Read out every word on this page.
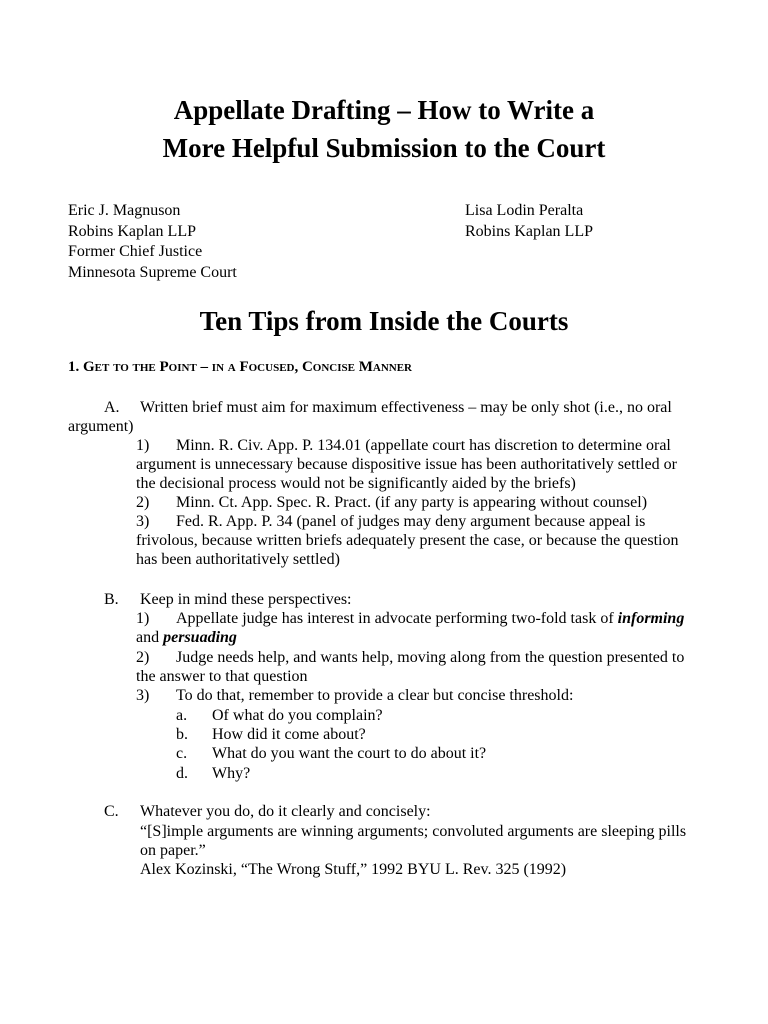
Appellate Drafting – How to Write a
More Helpful Submission to the Court
Eric J. Magnuson
Robins Kaplan LLP
Former Chief Justice
Minnesota Supreme Court
Lisa Lodin Peralta
Robins Kaplan LLP
Ten Tips from Inside the Courts
1. Get to the Point – in a Focused, Concise Manner
A. Written brief must aim for maximum effectiveness – may be only shot (i.e., no oral
argument)
1) Minn. R. Civ. App. P. 134.01 (appellate court has discretion to determine oral
argument is unnecessary because dispositive issue has been authoritatively settled or
the decisional process would not be significantly aided by the briefs)
2) Minn. Ct. App. Spec. R. Pract. (if any party is appearing without counsel)
3) Fed. R. App. P. 34 (panel of judges may deny argument because appeal is
frivolous, because written briefs adequately present the case, or because the question
has been authoritatively settled)
B. Keep in mind these perspectives:
1) Appellate judge has interest in advocate performing two-fold task of informing
and persuading
2) Judge needs help, and wants help, moving along from the question presented to
the answer to that question
3) To do that, remember to provide a clear but concise threshold:
a. Of what do you complain?
b. How did it come about?
c. What do you want the court to do about it?
d. Why?
C. Whatever you do, do it clearly and concisely:
“[S]imple arguments are winning arguments; convoluted arguments are sleeping pills
on paper.”
Alex Kozinski, “The Wrong Stuff,” 1992 BYU L. Rev. 325 (1992)
